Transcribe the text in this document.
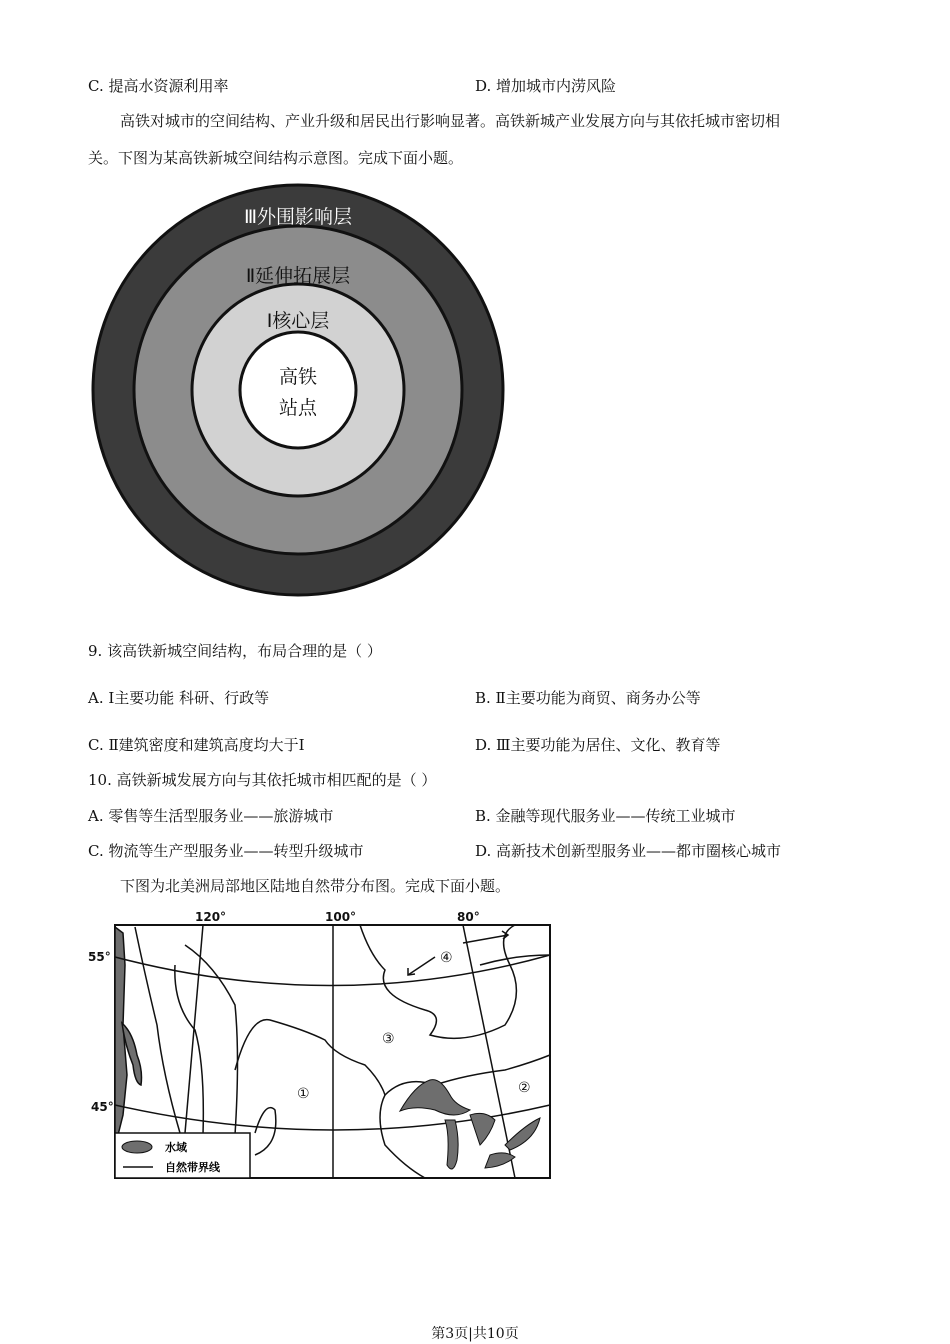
C. 提高水资源利用率	D. 增加城市内涝风险
高铁对城市的空间结构、产业升级和居民出行影响显著。高铁新城产业发展方向与其依托城市密切相
关。下图为某高铁新城空间结构示意图。完成下面小题。
Ⅲ外围影响层
Ⅱ延伸拓展层
Ⅰ核心层
高铁
站点
9. 该高铁新城空间结构，布局合理的是（ ）
A. Ⅰ主要功能 科研、行政等	B. Ⅱ主要功能为商贸、商务办公等
C. Ⅱ建筑密度和建筑高度均大于Ⅰ	D. Ⅲ主要功能为居住、文化、教育等
10. 高铁新城发展方向与其依托城市相匹配的是（ ）
A. 零售等生活型服务业——旅游城市	B. 金融等现代服务业——传统工业城市
C. 物流等生产型服务业——转型升级城市	D. 高新技术创新型服务业——都市圈核心城市
下图为北美洲局部地区陆地自然带分布图。完成下面小题。
120°	100°	80°
55°
45°
①	②
③
④
水域
自然带界线
第3页|共10页
